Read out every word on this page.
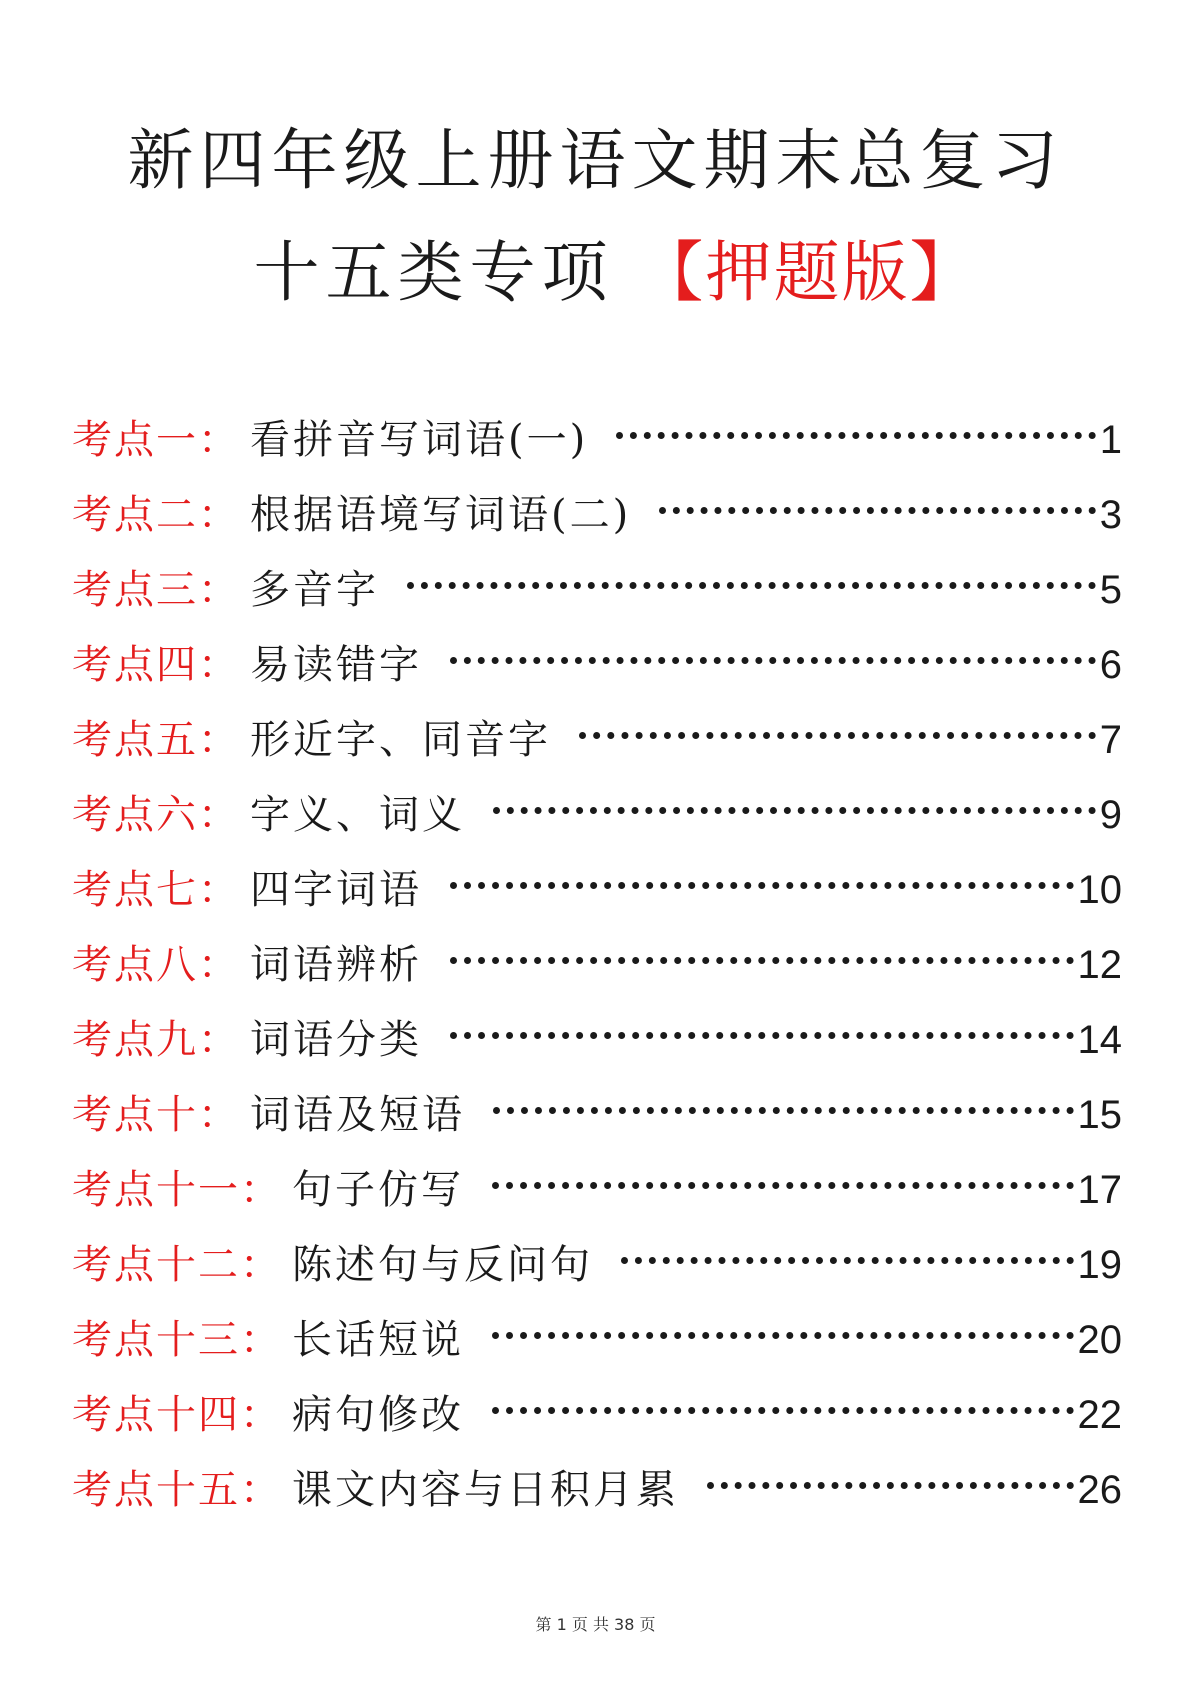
新四年级上册语文期末总复习
十五类专项 【押题版】
考点一： 看拼音写词语(一)	1
考点二： 根据语境写词语(二)	3
考点三： 多音字	5
考点四： 易读错字	6
考点五： 形近字、同音字	7
考点六： 字义、词义	9
考点七： 四字词语	10
考点八： 词语辨析	12
考点九： 词语分类	14
考点十： 词语及短语	15
考点十一： 句子仿写	17
考点十二： 陈述句与反问句	19
考点十三： 长话短说	20
考点十四： 病句修改	22
考点十五： 课文内容与日积月累	26
第 1 页 共 38 页
